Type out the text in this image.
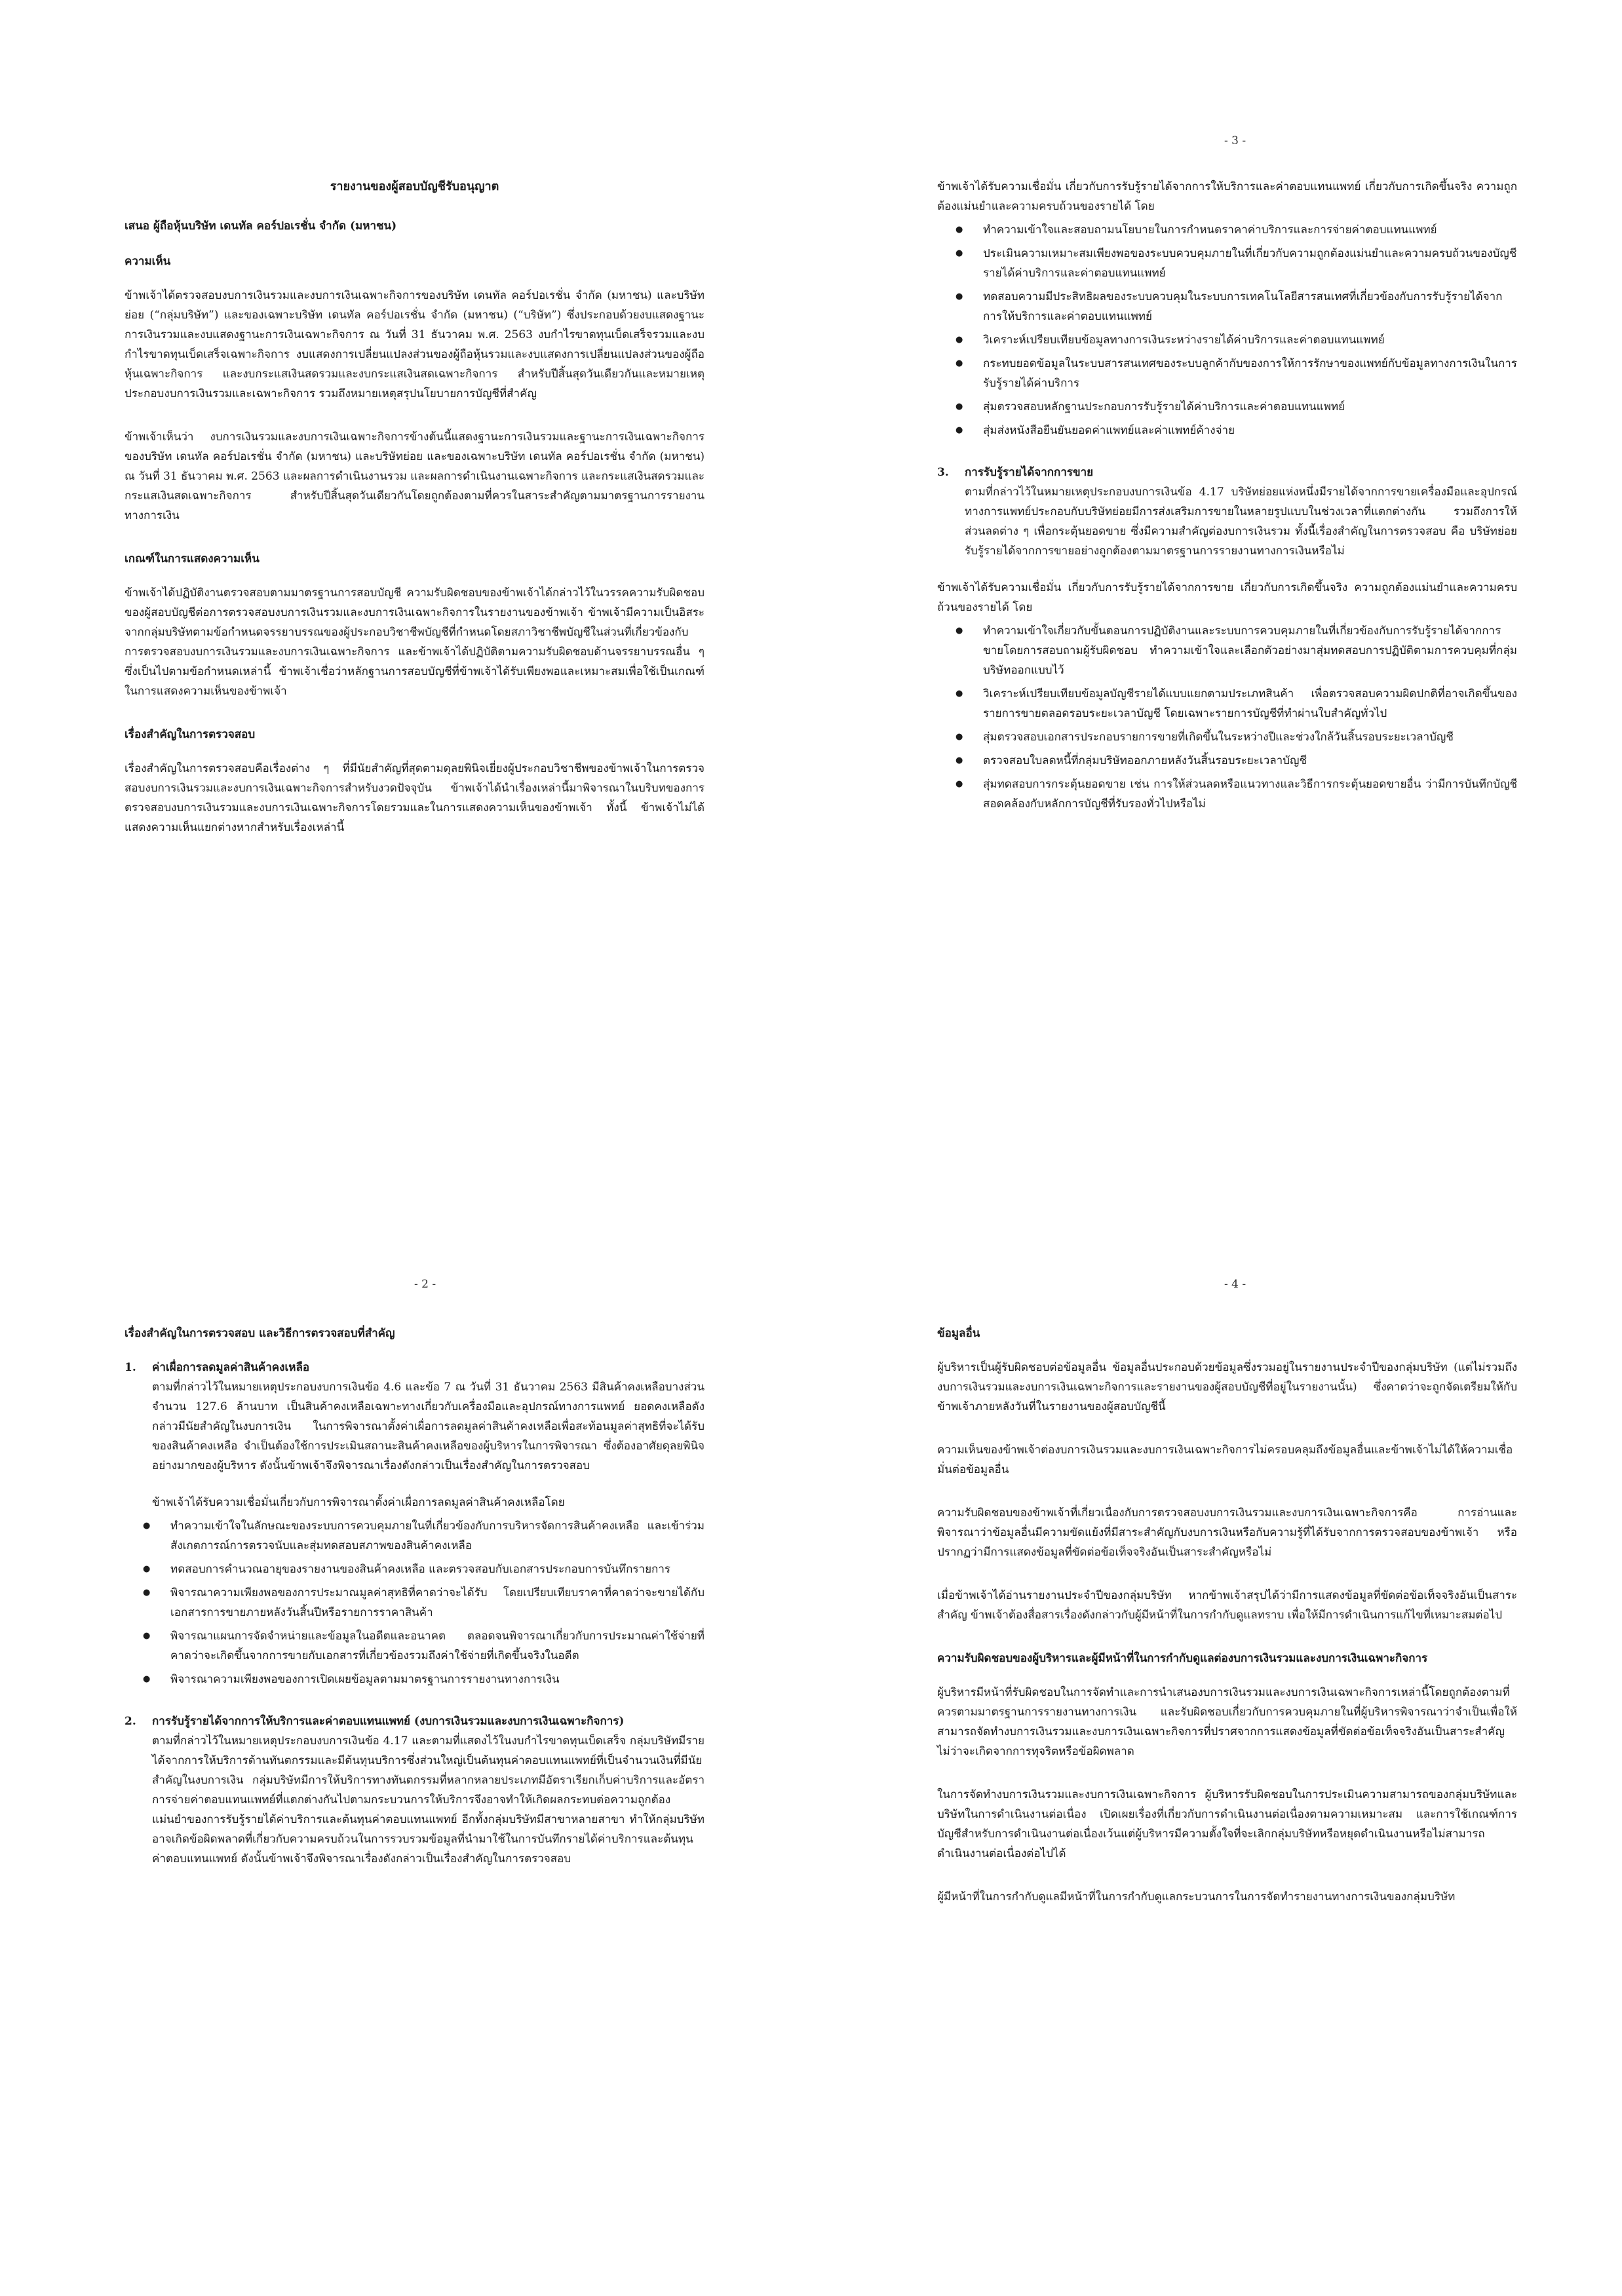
รายงานของผู้สอบบัญชีรับอนุญาต
เสนอ ผู้ถือหุ้นบริษัท เดนทัล คอร์ปอเรชั่น จำกัด (มหาชน)
ความเห็น

ข้าพเจ้าได้ตรวจสอบงบการเงินรวมและงบการเงินเฉพาะกิจการของบริษัท เดนทัล คอร์ปอเรชั่น จำกัด (มหาชน) และบริษัทย่อย (“กลุ่มบริษัท”) และของเฉพาะบริษัท เดนทัล คอร์ปอเรชั่น จำกัด (มหาชน) (“บริษัท”) ซึ่งประกอบด้วยงบแสดงฐานะการเงินรวมและงบแสดงฐานะการเงินเฉพาะกิจการ ณ วันที่ 31 ธันวาคม พ.ศ. 2563 งบกำไรขาดทุนเบ็ดเสร็จรวมและงบกำไรขาดทุนเบ็ดเสร็จเฉพาะกิจการ งบแสดงการเปลี่ยนแปลงส่วนของผู้ถือหุ้นรวมและงบแสดงการเปลี่ยนแปลงส่วนของผู้ถือหุ้นเฉพาะกิจการ และงบกระแสเงินสดรวมและงบกระแสเงินสดเฉพาะกิจการ สำหรับปีสิ้นสุดวันเดียวกันและหมายเหตุประกอบงบการเงินรวมและเฉพาะกิจการ รวมถึงหมายเหตุสรุปนโยบายการบัญชีที่สำคัญ

ข้าพเจ้าเห็นว่า งบการเงินรวมและงบการเงินเฉพาะกิจการข้างต้นนี้แสดงฐานะการเงินรวมและฐานะการเงินเฉพาะกิจการของบริษัท เดนทัล คอร์ปอเรชั่น จำกัด (มหาชน) และบริษัทย่อย และของเฉพาะบริษัท เดนทัล คอร์ปอเรชั่น จำกัด (มหาชน) ณ วันที่ 31 ธันวาคม พ.ศ. 2563 และผลการดำเนินงานรวม และผลการดำเนินงานเฉพาะกิจการ และกระแสเงินสดรวมและกระแสเงินสดเฉพาะกิจการ สำหรับปีสิ้นสุดวันเดียวกันโดยถูกต้องตามที่ควรในสาระสำคัญตามมาตรฐานการรายงานทางการเงิน

เกณฑ์ในการแสดงความเห็น

ข้าพเจ้าได้ปฏิบัติงานตรวจสอบตามมาตรฐานการสอบบัญชี ความรับผิดชอบของข้าพเจ้าได้กล่าวไว้ในวรรคความรับผิดชอบของผู้สอบบัญชีต่อการตรวจสอบงบการเงินรวมและงบการเงินเฉพาะกิจการในรายงานของข้าพเจ้า ข้าพเจ้ามีความเป็นอิสระจากกลุ่มบริษัทตามข้อกำหนดจรรยาบรรณของผู้ประกอบวิชาชีพบัญชีที่กำหนดโดยสภาวิชาชีพบัญชีในส่วนที่เกี่ยวข้องกับการตรวจสอบงบการเงินรวมและงบการเงินเฉพาะกิจการ และข้าพเจ้าได้ปฏิบัติตามความรับผิดชอบด้านจรรยาบรรณอื่น ๆ ซึ่งเป็นไปตามข้อกำหนดเหล่านี้ ข้าพเจ้าเชื่อว่าหลักฐานการสอบบัญชีที่ข้าพเจ้าได้รับเพียงพอและเหมาะสมเพื่อใช้เป็นเกณฑ์ในการแสดงความเห็นของข้าพเจ้า

เรื่องสำคัญในการตรวจสอบ

เรื่องสำคัญในการตรวจสอบคือเรื่องต่าง ๆ ที่มีนัยสำคัญที่สุดตามดุลยพินิจเยี่ยงผู้ประกอบวิชาชีพของข้าพเจ้าในการตรวจสอบงบการเงินรวมและงบการเงินเฉพาะกิจการสำหรับงวดปัจจุบัน ข้าพเจ้าได้นำเรื่องเหล่านี้มาพิจารณาในบริบทของการตรวจสอบงบการเงินรวมและงบการเงินเฉพาะกิจการโดยรวมและในการแสดงความเห็นของข้าพเจ้า ทั้งนี้ ข้าพเจ้าไม่ได้แสดงความเห็นแยกต่างหากสำหรับเรื่องเหล่านี้

- 2 -
เรื่องสำคัญในการตรวจสอบ และวิธีการตรวจสอบที่สำคัญ
1.	ค่าเผื่อการลดมูลค่าสินค้าคงเหลือ

ตามที่กล่าวไว้ในหมายเหตุประกอบงบการเงินข้อ 4.6 และข้อ 7 ณ วันที่ 31 ธันวาคม 2563 มีสินค้าคงเหลือบางส่วนจำนวน 127.6 ล้านบาท เป็นสินค้าคงเหลือเฉพาะทางเกี่ยวกับเครื่องมือและอุปกรณ์ทางการแพทย์ ยอดคงเหลือดังกล่าวมีนัยสำคัญในงบการเงิน ในการพิจารณาตั้งค่าเผื่อการลดมูลค่าสินค้าคงเหลือเพื่อสะท้อนมูลค่าสุทธิที่จะได้รับของสินค้าคงเหลือ จำเป็นต้องใช้การประเมินสถานะสินค้าคงเหลือของผู้บริหารในการพิจารณา ซึ่งต้องอาศัยดุลยพินิจอย่างมากของผู้บริหาร ดังนั้นข้าพเจ้าจึงพิจารณาเรื่องดังกล่าวเป็นเรื่องสำคัญในการตรวจสอบ

ข้าพเจ้าได้รับความเชื่อมั่นเกี่ยวกับการพิจารณาตั้งค่าเผื่อการลดมูลค่าสินค้าคงเหลือโดย

● ทำความเข้าใจในลักษณะของระบบการควบคุมภายในที่เกี่ยวข้องกับการบริหารจัดการสินค้าคงเหลือ และเข้าร่วมสังเกตการณ์การตรวจนับและสุ่มทดสอบสภาพของสินค้าคงเหลือ
● ทดสอบการคำนวณอายุของรายงานของสินค้าคงเหลือ และตรวจสอบกับเอกสารประกอบการบันทึกรายการ
● พิจารณาความเพียงพอของการประมาณมูลค่าสุทธิที่คาดว่าจะได้รับ โดยเปรียบเทียบราคาที่คาดว่าจะขายได้กับเอกสารการขายภายหลังวันสิ้นปีหรือรายการราคาสินค้า
● พิจารณาแผนการจัดจำหน่ายและข้อมูลในอดีตและอนาคต ตลอดจนพิจารณาเกี่ยวกับการประมาณค่าใช้จ่ายที่คาดว่าจะเกิดขึ้นจากการขายกับเอกสารที่เกี่ยวข้องรวมถึงค่าใช้จ่ายที่เกิดขึ้นจริงในอดีต
● พิจารณาความเพียงพอของการเปิดเผยข้อมูลตามมาตรฐานการรายงานทางการเงิน
2.	การรับรู้รายได้จากการให้บริการและค่าตอบแทนแพทย์ (งบการเงินรวมและงบการเงินเฉพาะกิจการ)

ตามที่กล่าวไว้ในหมายเหตุประกอบงบการเงินข้อ 4.17 และตามที่แสดงไว้ในงบกำไรขาดทุนเบ็ดเสร็จ กลุ่มบริษัทมีรายได้จากการให้บริการด้านทันตกรรมและมีต้นทุนบริการซึ่งส่วนใหญ่เป็นต้นทุนค่าตอบแทนแพทย์ที่เป็นจำนวนเงินที่มีนัยสำคัญในงบการเงิน กลุ่มบริษัทมีการให้บริการทางทันตกรรมที่หลากหลายประเภทมีอัตราเรียกเก็บค่าบริการและอัตราการจ่ายค่าตอบแทนแพทย์ที่แตกต่างกันไปตามกระบวนการให้บริการจึงอาจทำให้เกิดผลกระทบต่อความถูกต้องแม่นยำของการรับรู้รายได้ค่าบริการและต้นทุนค่าตอบแทนแพทย์ อีกทั้งกลุ่มบริษัทมีสาขาหลายสาขา ทำให้กลุ่มบริษัทอาจเกิดข้อผิดพลาดที่เกี่ยวกับความครบถ้วนในการรวบรวมข้อมูลที่นำมาใช้ในการบันทึกรายได้ค่าบริการและต้นทุนค่าตอบแทนแพทย์ ดังนั้นข้าพเจ้าจึงพิจารณาเรื่องดังกล่าวเป็นเรื่องสำคัญในการตรวจสอบ

- 3 -

ข้าพเจ้าได้รับความเชื่อมั่น เกี่ยวกับการรับรู้รายได้จากการให้บริการและค่าตอบแทนแพทย์ เกี่ยวกับการเกิดขึ้นจริง ความถูกต้องแม่นยำและความครบถ้วนของรายได้ โดย

● ทำความเข้าใจและสอบถามนโยบายในการกำหนดราคาค่าบริการและการจ่ายค่าตอบแทนแพทย์
● ประเมินความเหมาะสมเพียงพอของระบบควบคุมภายในที่เกี่ยวกับความถูกต้องแม่นยำและความครบถ้วนของบัญชีรายได้ค่าบริการและค่าตอบแทนแพทย์
● ทดสอบความมีประสิทธิผลของระบบควบคุมในระบบการเทคโนโลยีสารสนเทศที่เกี่ยวข้องกับการรับรู้รายได้จากการให้บริการและค่าตอบแทนแพทย์
● วิเคราะห์เปรียบเทียบข้อมูลทางการเงินระหว่างรายได้ค่าบริการและค่าตอบแทนแพทย์
● กระทบยอดข้อมูลในระบบสารสนเทศของระบบลูกค้ากับของการให้การรักษาของแพทย์กับข้อมูลทางการเงินในการรับรู้รายได้ค่าบริการ
● สุ่มตรวจสอบหลักฐานประกอบการรับรู้รายได้ค่าบริการและค่าตอบแทนแพทย์
● สุ่มส่งหนังสือยืนยันยอดค่าแพทย์และค่าแพทย์ค้างจ่าย
3.	การรับรู้รายได้จากการขาย

ตามที่กล่าวไว้ในหมายเหตุประกอบงบการเงินข้อ 4.17 บริษัทย่อยแห่งหนึ่งมีรายได้จากการขายเครื่องมือและอุปกรณ์ทางการแพทย์ประกอบกับบริษัทย่อยมีการส่งเสริมการขายในหลายรูปแบบในช่วงเวลาที่แตกต่างกัน รวมถึงการให้ส่วนลดต่าง ๆ เพื่อกระตุ้นยอดขาย ซึ่งมีความสำคัญต่องบการเงินรวม ทั้งนี้เรื่องสำคัญในการตรวจสอบ คือ บริษัทย่อยรับรู้รายได้จากการขายอย่างถูกต้องตามมาตรฐานการรายงานทางการเงินหรือไม่

ข้าพเจ้าได้รับความเชื่อมั่น เกี่ยวกับการรับรู้รายได้จากการขาย เกี่ยวกับการเกิดขึ้นจริง ความถูกต้องแม่นยำและความครบถ้วนของรายได้ โดย

● ทำความเข้าใจเกี่ยวกับขั้นตอนการปฏิบัติงานและระบบการควบคุมภายในที่เกี่ยวข้องกับการรับรู้รายได้จากการขายโดยการสอบถามผู้รับผิดชอบ ทำความเข้าใจและเลือกตัวอย่างมาสุ่มทดสอบการปฏิบัติตามการควบคุมที่กลุ่มบริษัทออกแบบไว้
● วิเคราะห์เปรียบเทียบข้อมูลบัญชีรายได้แบบแยกตามประเภทสินค้า เพื่อตรวจสอบความผิดปกติที่อาจเกิดขึ้นของรายการขายตลอดรอบระยะเวลาบัญชี โดยเฉพาะรายการบัญชีที่ทำผ่านใบสำคัญทั่วไป
● สุ่มตรวจสอบเอกสารประกอบรายการขายที่เกิดขึ้นในระหว่างปีและช่วงใกล้วันสิ้นรอบระยะเวลาบัญชี
● ตรวจสอบใบลดหนี้ที่กลุ่มบริษัทออกภายหลังวันสิ้นรอบระยะเวลาบัญชี
● สุ่มทดสอบการกระตุ้นยอดขาย เช่น การให้ส่วนลดหรือแนวทางและวิธีการกระตุ้นยอดขายอื่น ว่ามีการบันทึกบัญชีสอดคล้องกับหลักการบัญชีที่รับรองทั่วไปหรือไม่
- 4 -
ข้อมูลอื่น

ผู้บริหารเป็นผู้รับผิดชอบต่อข้อมูลอื่น ข้อมูลอื่นประกอบด้วยข้อมูลซึ่งรวมอยู่ในรายงานประจำปีของกลุ่มบริษัท (แต่ไม่รวมถึงงบการเงินรวมและงบการเงินเฉพาะกิจการและรายงานของผู้สอบบัญชีที่อยู่ในรายงานนั้น) ซึ่งคาดว่าจะถูกจัดเตรียมให้กับข้าพเจ้าภายหลังวันที่ในรายงานของผู้สอบบัญชีนี้

ความเห็นของข้าพเจ้าต่องบการเงินรวมและงบการเงินเฉพาะกิจการไม่ครอบคลุมถึงข้อมูลอื่นและข้าพเจ้าไม่ได้ให้ความเชื่อมั่นต่อข้อมูลอื่น

ความรับผิดชอบของข้าพเจ้าที่เกี่ยวเนื่องกับการตรวจสอบงบการเงินรวมและงบการเงินเฉพาะกิจการคือ การอ่านและพิจารณาว่าข้อมูลอื่นมีความขัดแย้งที่มีสาระสำคัญกับงบการเงินหรือกับความรู้ที่ได้รับจากการตรวจสอบของข้าพเจ้า หรือปรากฏว่ามีการแสดงข้อมูลที่ขัดต่อข้อเท็จจริงอันเป็นสาระสำคัญหรือไม่

เมื่อข้าพเจ้าได้อ่านรายงานประจำปีของกลุ่มบริษัท หากข้าพเจ้าสรุปได้ว่ามีการแสดงข้อมูลที่ขัดต่อข้อเท็จจริงอันเป็นสาระสำคัญ ข้าพเจ้าต้องสื่อสารเรื่องดังกล่าวกับผู้มีหน้าที่ในการกำกับดูแลทราบ เพื่อให้มีการดำเนินการแก้ไขที่เหมาะสมต่อไป

ความรับผิดชอบของผู้บริหารและผู้มีหน้าที่ในการกำกับดูแลต่องบการเงินรวมและงบการเงินเฉพาะกิจการ

ผู้บริหารมีหน้าที่รับผิดชอบในการจัดทำและการนำเสนองบการเงินรวมและงบการเงินเฉพาะกิจการเหล่านี้โดยถูกต้องตามที่ควรตามมาตรฐานการรายงานทางการเงิน และรับผิดชอบเกี่ยวกับการควบคุมภายในที่ผู้บริหารพิจารณาว่าจำเป็นเพื่อให้สามารถจัดทำงบการเงินรวมและงบการเงินเฉพาะกิจการที่ปราศจากการแสดงข้อมูลที่ขัดต่อข้อเท็จจริงอันเป็นสาระสำคัญไม่ว่าจะเกิดจากการทุจริตหรือข้อผิดพลาด

ในการจัดทำงบการเงินรวมและงบการเงินเฉพาะกิจการ ผู้บริหารรับผิดชอบในการประเมินความสามารถของกลุ่มบริษัทและบริษัทในการดำเนินงานต่อเนื่อง เปิดเผยเรื่องที่เกี่ยวกับการดำเนินงานต่อเนื่องตามความเหมาะสม และการใช้เกณฑ์การบัญชีสำหรับการดำเนินงานต่อเนื่องเว้นแต่ผู้บริหารมีความตั้งใจที่จะเลิกกลุ่มบริษัทหรือหยุดดำเนินงานหรือไม่สามารถดำเนินงานต่อเนื่องต่อไปได้

ผู้มีหน้าที่ในการกำกับดูแลมีหน้าที่ในการกำกับดูแลกระบวนการในการจัดทำรายงานทางการเงินของกลุ่มบริษัท
